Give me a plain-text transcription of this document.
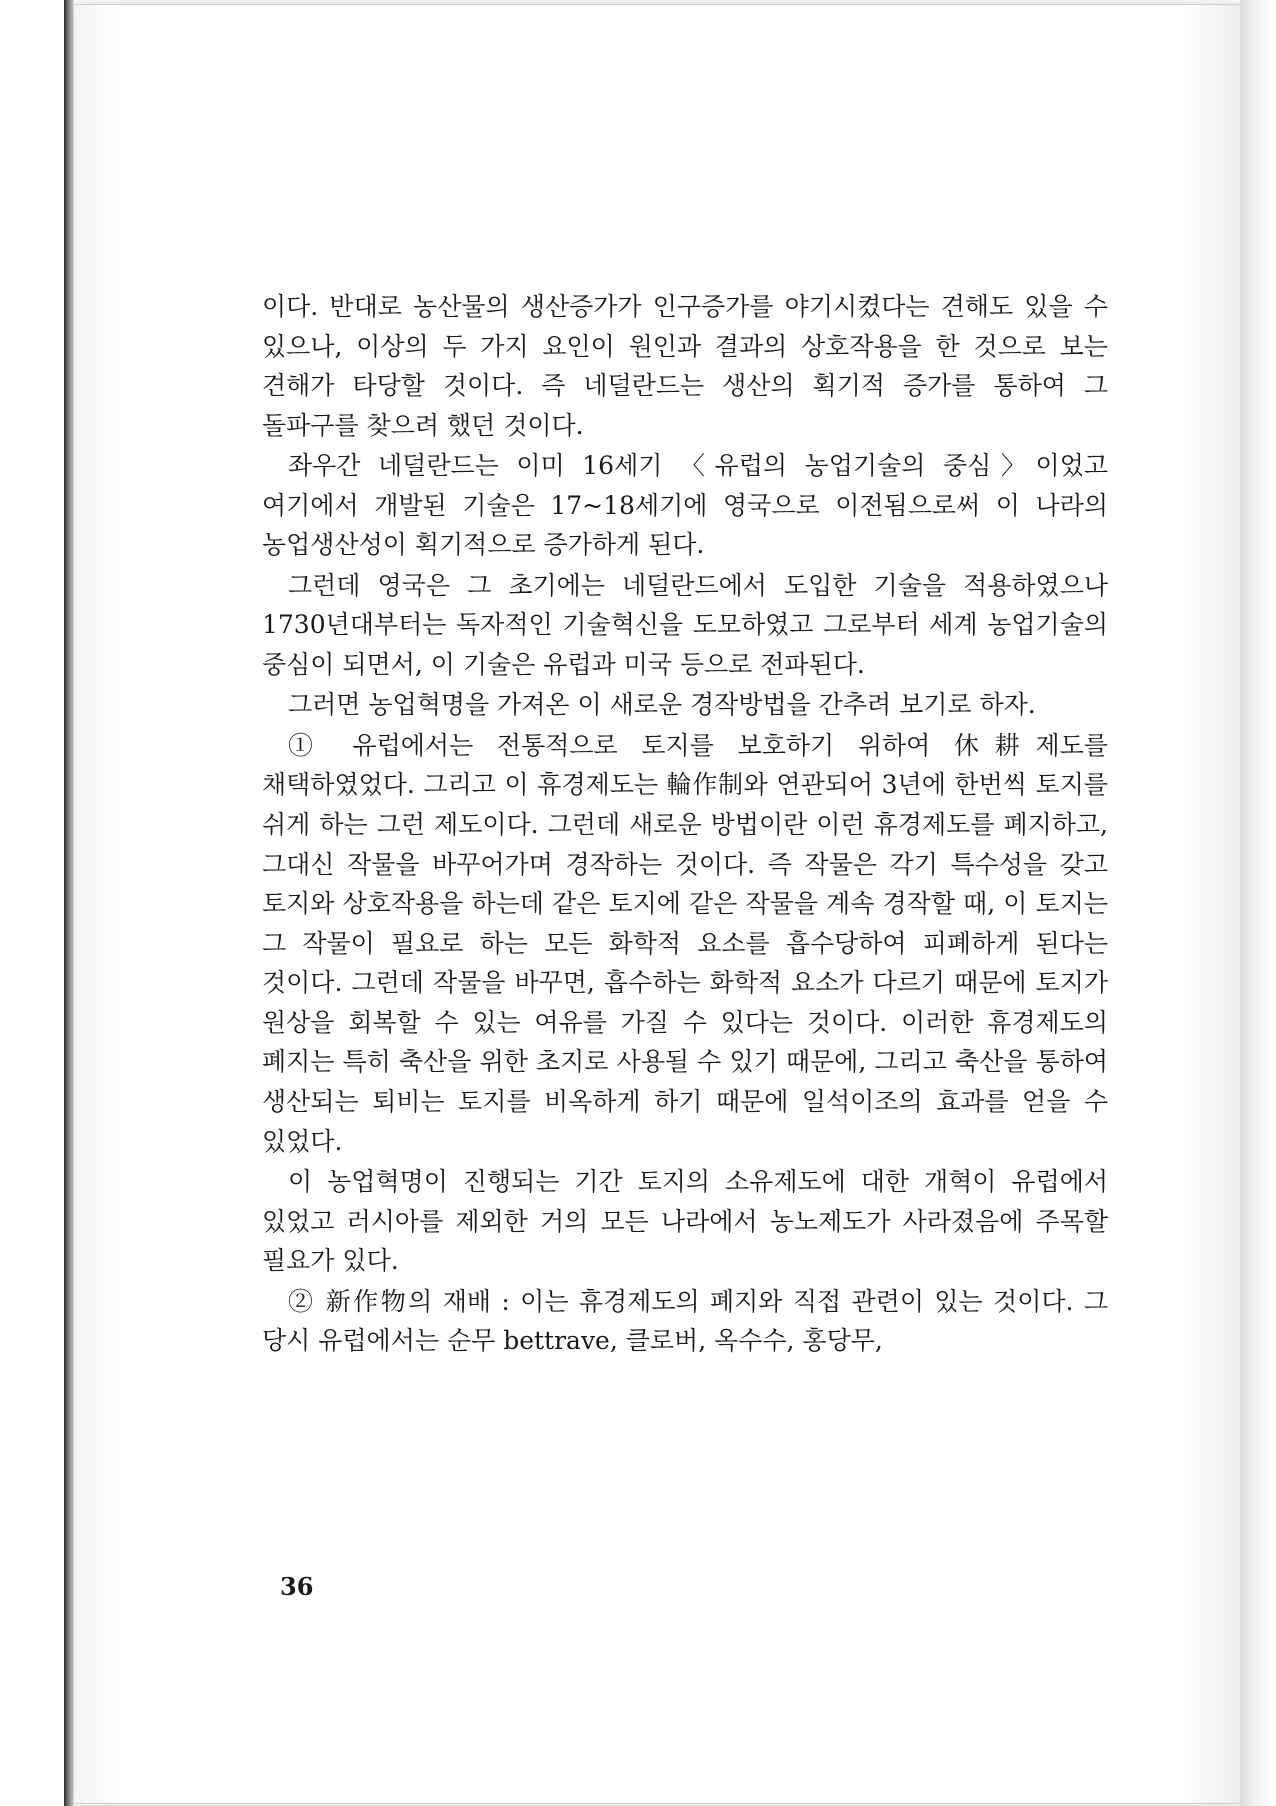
이다. 반대로 농산물의 생산증가가 인구증가를 야기시켰다는 견해도 있을 수 있으나, 이상의 두 가지 요인이 원인과 결과의 상호작용을 한 것으로 보는 견해가 타당할 것이다. 즉 네덜란드는 생산의 획기적 증가를 통하여 그 돌파구를 찾으려 했던 것이다.

좌우간 네덜란드는 이미 16세기 〈유럽의 농업기술의 중심〉이었고 여기에서 개발된 기술은 17~18세기에 영국으로 이전됨으로써 이 나라의 농업생산성이 획기적으로 증가하게 된다.

그런데 영국은 그 초기에는 네덜란드에서 도입한 기술을 적용하였으나 1730년대부터는 독자적인 기술혁신을 도모하였고 그로부터 세계 농업기술의 중심이 되면서, 이 기술은 유럽과 미국 등으로 전파된다.

그러면 농업혁명을 가져온 이 새로운 경작방법을 간추려 보기로 하자.

① 유럽에서는 전통적으로 토지를 보호하기 위하여 休耕제도를 채택하였었다. 그리고 이 휴경제도는 輪作制와 연관되어 3년에 한번씩 토지를 쉬게 하는 그런 제도이다. 그런데 새로운 방법이란 이런 휴경제도를 폐지하고, 그대신 작물을 바꾸어가며 경작하는 것이다. 즉 작물은 각기 특수성을 갖고 토지와 상호작용을 하는데 같은 토지에 같은 작물을 계속 경작할 때, 이 토지는 그 작물이 필요로 하는 모든 화학적 요소를 흡수당하여 피폐하게 된다는 것이다. 그런데 작물을 바꾸면, 흡수하는 화학적 요소가 다르기 때문에 토지가 원상을 회복할 수 있는 여유를 가질 수 있다는 것이다. 이러한 휴경제도의 폐지는 특히 축산을 위한 초지로 사용될 수 있기 때문에, 그리고 축산을 통하여 생산되는 퇴비는 토지를 비옥하게 하기 때문에 일석이조의 효과를 얻을 수 있었다.

이 농업혁명이 진행되는 기간 토지의 소유제도에 대한 개혁이 유럽에서 있었고 러시아를 제외한 거의 모든 나라에서 농노제도가 사라졌음에 주목할 필요가 있다.

② 新作物의 재배 : 이는 휴경제도의 폐지와 직접 관련이 있는 것이다. 그 당시 유럽에서는 순무 bettrave, 클로버, 옥수수, 홍당무,

36
